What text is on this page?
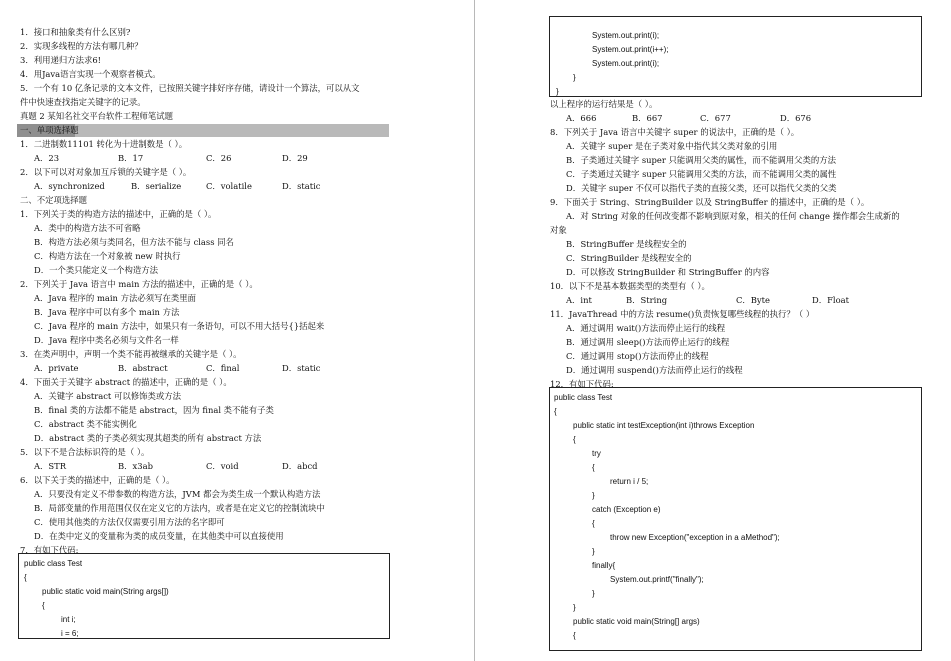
1．接口和抽象类有什么区别?
2．实现多线程的方法有哪几种？
3．利用递归方法求6!
4．用Java语言实现一个观察者模式。
5．一个有 10 亿条记录的文本文件，已按照关键字排好序存储，请设计一个算法，可以从文
件中快速查找指定关键字的记录。
真题 2 某知名社交平台软件工程师笔试题
一、单项选择题
1．二进制数11101 转化为十进制数是（ ）。
A．23	B．17	C．26	D．29
2．以下可以对对象加互斥锁的关键字是（ ）。
A．synchronized	B．serialize	C．volatile	D．static
二、不定项选择题
1．下列关于类的构造方法的描述中，正确的是（ ）。
A．类中的构造方法不可省略
B．构造方法必须与类同名，但方法不能与 class 同名
C．构造方法在一个对象被 new 时执行
D．一个类只能定义一个构造方法
2．下列关于 Java 语言中 main 方法的描述中，正确的是（ ）。
A．Java 程序的 main 方法必须写在类里面
B．Java 程序中可以有多个 main 方法
C．Java 程序的 main 方法中，如果只有一条语句，可以不用大括号{}括起来
D．Java 程序中类名必须与文件名一样
3．在类声明中，声明一个类不能再被继承的关键字是（ ）。
A．private	B．abstract	C．final	D．static
4．下面关于关键字 abstract 的描述中，正确的是（ ）。
A．关键字 abstract 可以修饰类或方法
B．final 类的方法都不能是 abstract，因为 final 类不能有子类
C．abstract 类不能实例化
D．abstract 类的子类必须实现其超类的所有 abstract 方法
5．以下不是合法标识符的是（ ）。
A．STR	B．x3ab	C．void	D．abcd
6．以下关于类的描述中，正确的是（ ）。
A．只要没有定义不带参数的构造方法，JVM 都会为类生成一个默认构造方法
B．局部变量的作用范围仅仅在定义它的方法内，或者是在定义它的控制流块中
C．使用其他类的方法仅仅需要引用方法的名字即可
D．在类中定义的变量称为类的成员变量，在其他类中可以直接使用
7．有如下代码:
public class Test
{
public static void main(String args[])
{
int i;
i = 6;
System.out.print(i);
System.out.print(i++);
System.out.print(i);
}
}
以上程序的运行结果是（ ）。
A．666	B．667	C．677	D．676
8．下列关于 Java 语言中关键字 super 的说法中，正确的是（ ）。
A．关键字 super 是在子类对象中指代其父类对象的引用
B．子类通过关键字 super 只能调用父类的属性，而不能调用父类的方法
C．子类通过关键字 super 只能调用父类的方法，而不能调用父类的属性
D．关键字 super 不仅可以指代子类的直接父类，还可以指代父类的父类
9．下面关于 String、StringBuilder 以及 StringBuffer 的描述中，正确的是（ ）。
A．对 String 对象的任何改变都不影响到原对象，相关的任何 change 操作都会生成新的
对象
B．StringBuffer 是线程安全的
C．StringBuilder 是线程安全的
D．可以修改 StringBuilder 和 StringBuffer 的内容
10．以下不是基本数据类型的类型有（ ）。
A．int	B．String	C．Byte	D．Float
11．JavaThread 中的方法 resume()负责恢复哪些线程的执行？（ ）
A．通过调用 wait()方法而停止运行的线程
B．通过调用 sleep()方法而停止运行的线程
C．通过调用 stop()方法而停止的线程
D．通过调用 suspend()方法而停止运行的线程
12．有如下代码:
public class Test
{
public static int testException(int i)throws Exception
{
try
{
return i / 5;
}
catch (Exception e)
{
throw new Exception("exception in a aMethod");
}
finally{
System.out.printf("finally");
}
}
public static void main(String[] args)
{
